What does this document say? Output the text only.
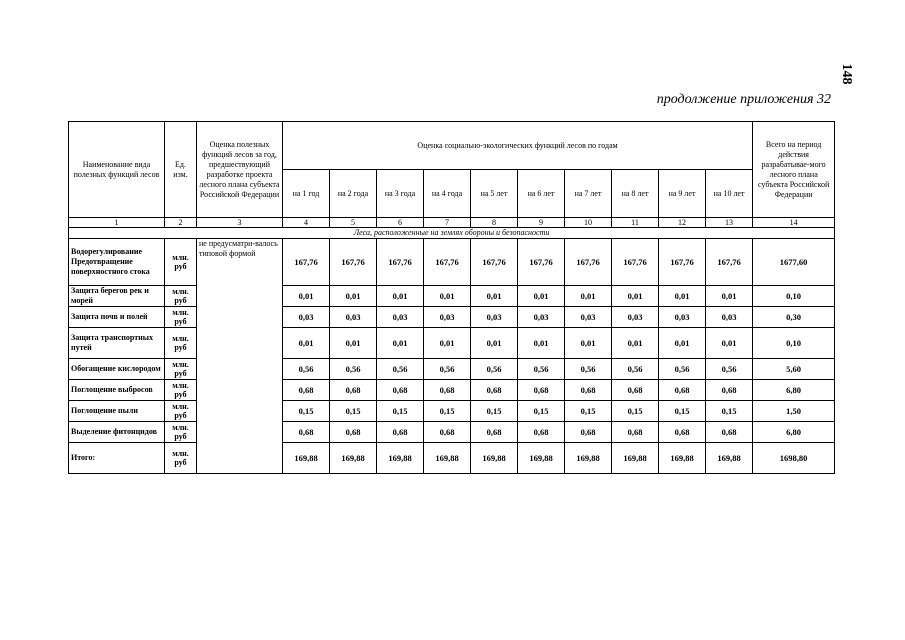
148
продолжение приложения 32
Наименование вида полезных функций лесов	Ед. изм.	Оценка полезных функций лесов за год, предшествующий разработке проекта лесного плана субъекта Российской Федерации	Оценка социально-экологических функций лесов по годам										Всего на период действия разрабатывае-мого лесного плана субъекта Российской Федерации
			на 1 год	на 2 года	на 3 года	на 4 года	на 5 лет	на 6 лет	на 7 лет	на 8 лет	на 9 лет	на 10 лет	
1	2	3	4	5	6	7	8	9	10	11	12	13	14
Леса, расположенные на землях обороны и безопасности													
Водорегулирование Предотвращение поверхностного стока	млн. руб	не предусматри-валось типовой формой	167,76	167,76	167,76	167,76	167,76	167,76	167,76	167,76	167,76	167,76	1677,60
Защита берегов рек и морей	млн. руб		0,01	0,01	0,01	0,01	0,01	0,01	0,01	0,01	0,01	0,01	0,10
Защита почв и полей	млн. руб		0,03	0,03	0,03	0,03	0,03	0,03	0,03	0,03	0,03	0,03	0,30
Защита транспортных путей	млн. руб		0,01	0,01	0,01	0,01	0,01	0,01	0,01	0,01	0,01	0,01	0,10
Обогащение кислородом	млн. руб		0,56	0,56	0,56	0,56	0,56	0,56	0,56	0,56	0,56	0,56	5,60
Поглощение выбросов	млн. руб		0,68	0,68	0,68	0,68	0,68	0,68	0,68	0,68	0,68	0,68	6,80
Поглощение пыли	млн. руб		0,15	0,15	0,15	0,15	0,15	0,15	0,15	0,15	0,15	0,15	1,50
Выделение фитонцидов	млн. руб		0,68	0,68	0,68	0,68	0,68	0,68	0,68	0,68	0,68	0,68	6,80
Итого:	млн. руб		169,88	169,88	169,88	169,88	169,88	169,88	169,88	169,88	169,88	169,88	1698,80
